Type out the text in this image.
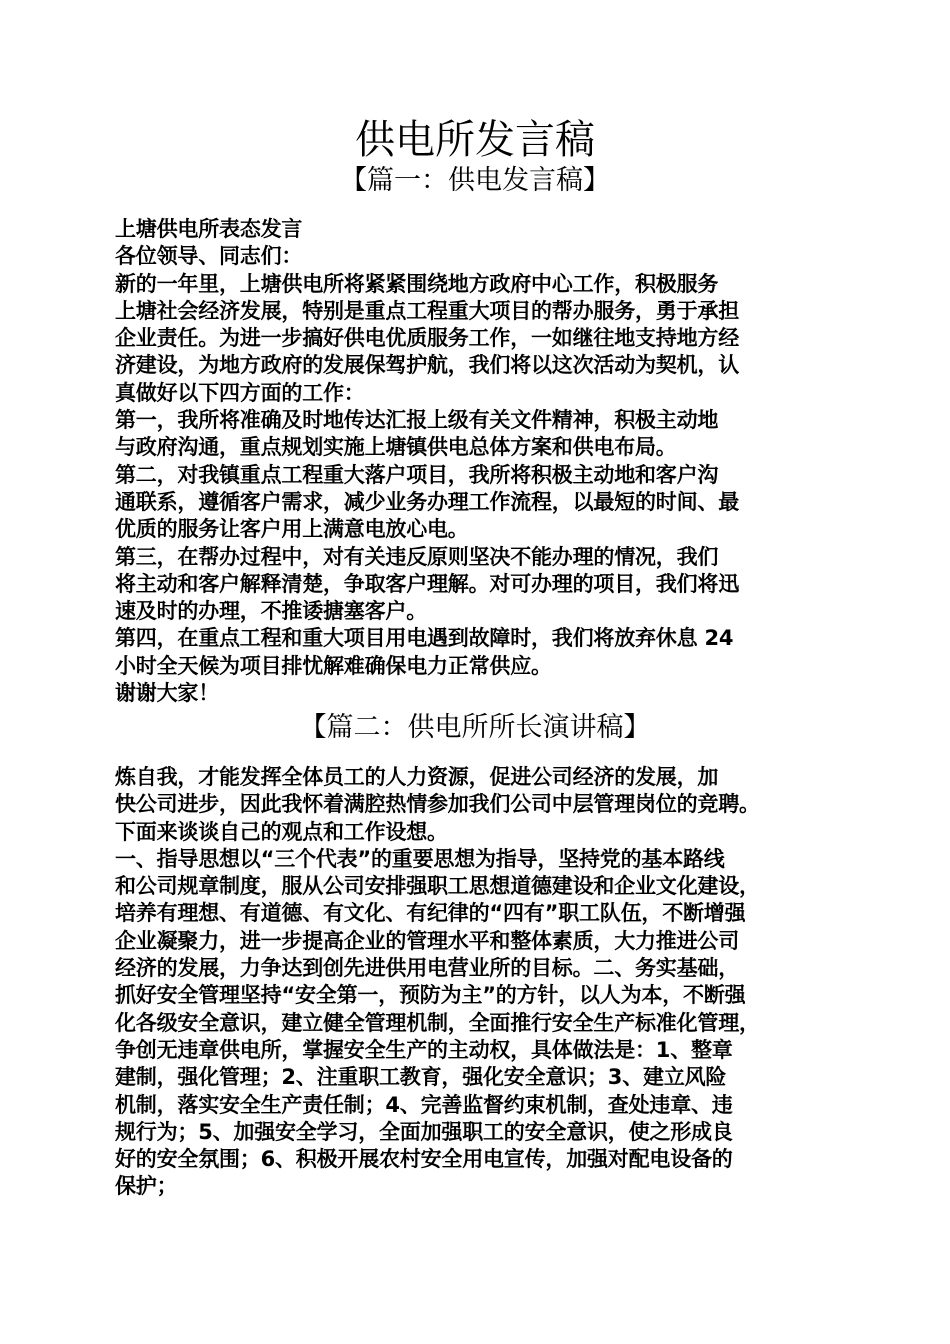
供电所发言稿
【篇一：供电发言稿】

上塘供电所表态发言

各位领导、同志们：

新的一年里，上塘供电所将紧紧围绕地方政府中心工作，积极服务

上塘社会经济发展，特别是重点工程重大项目的帮办服务，勇于承担

企业责任。为进一步搞好供电优质服务工作，一如继往地支持地方经

济建设，为地方政府的发展保驾护航，我们将以这次活动为契机，认

真做好以下四方面的工作：

第一，我所将准确及时地传达汇报上级有关文件精神，积极主动地

与政府沟通，重点规划实施上塘镇供电总体方案和供电布局。

第二，对我镇重点工程重大落户项目，我所将积极主动地和客户沟

通联系，遵循客户需求，减少业务办理工作流程，以最短的时间、最

优质的服务让客户用上满意电放心电。

第三，在帮办过程中，对有关违反原则坚决不能办理的情况，我们

将主动和客户解释清楚，争取客户理解。对可办理的项目，我们将迅

速及时的办理，不推诿搪塞客户。

第四，在重点工程和重大项目用电遇到故障时，我们将放弃休息 24

小时全天候为项目排忧解难确保电力正常供应。

谢谢大家！

【篇二：供电所所长演讲稿】

炼自我，才能发挥全体员工的人力资源，促进公司经济的发展，加

快公司进步，因此我怀着满腔热情参加我们公司中层管理岗位的竞聘。

下面来谈谈自己的观点和工作设想。

一、指导思想以“三个代表”的重要思想为指导，坚持党的基本路线

和公司规章制度，服从公司安排强职工思想道德建设和企业文化建设，

培养有理想、有道德、有文化、有纪律的“四有”职工队伍，不断增强

企业凝聚力，进一步提高企业的管理水平和整体素质，大力推进公司

经济的发展，力争达到创先进供用电营业所的目标。二、务实基础，

抓好安全管理坚持“安全第一，预防为主”的方针，以人为本，不断强

化各级安全意识，建立健全管理机制，全面推行安全生产标准化管理，

争创无违章供电所，掌握安全生产的主动权，具体做法是：1、整章

建制，强化管理；2、注重职工教育，强化安全意识；3、建立风险

机制，落实安全生产责任制；4、完善监督约束机制，查处违章、违

规行为；5、加强安全学习，全面加强职工的安全意识，使之形成良

好的安全氛围；6、积极开展农村安全用电宣传，加强对配电设备的

保护；
